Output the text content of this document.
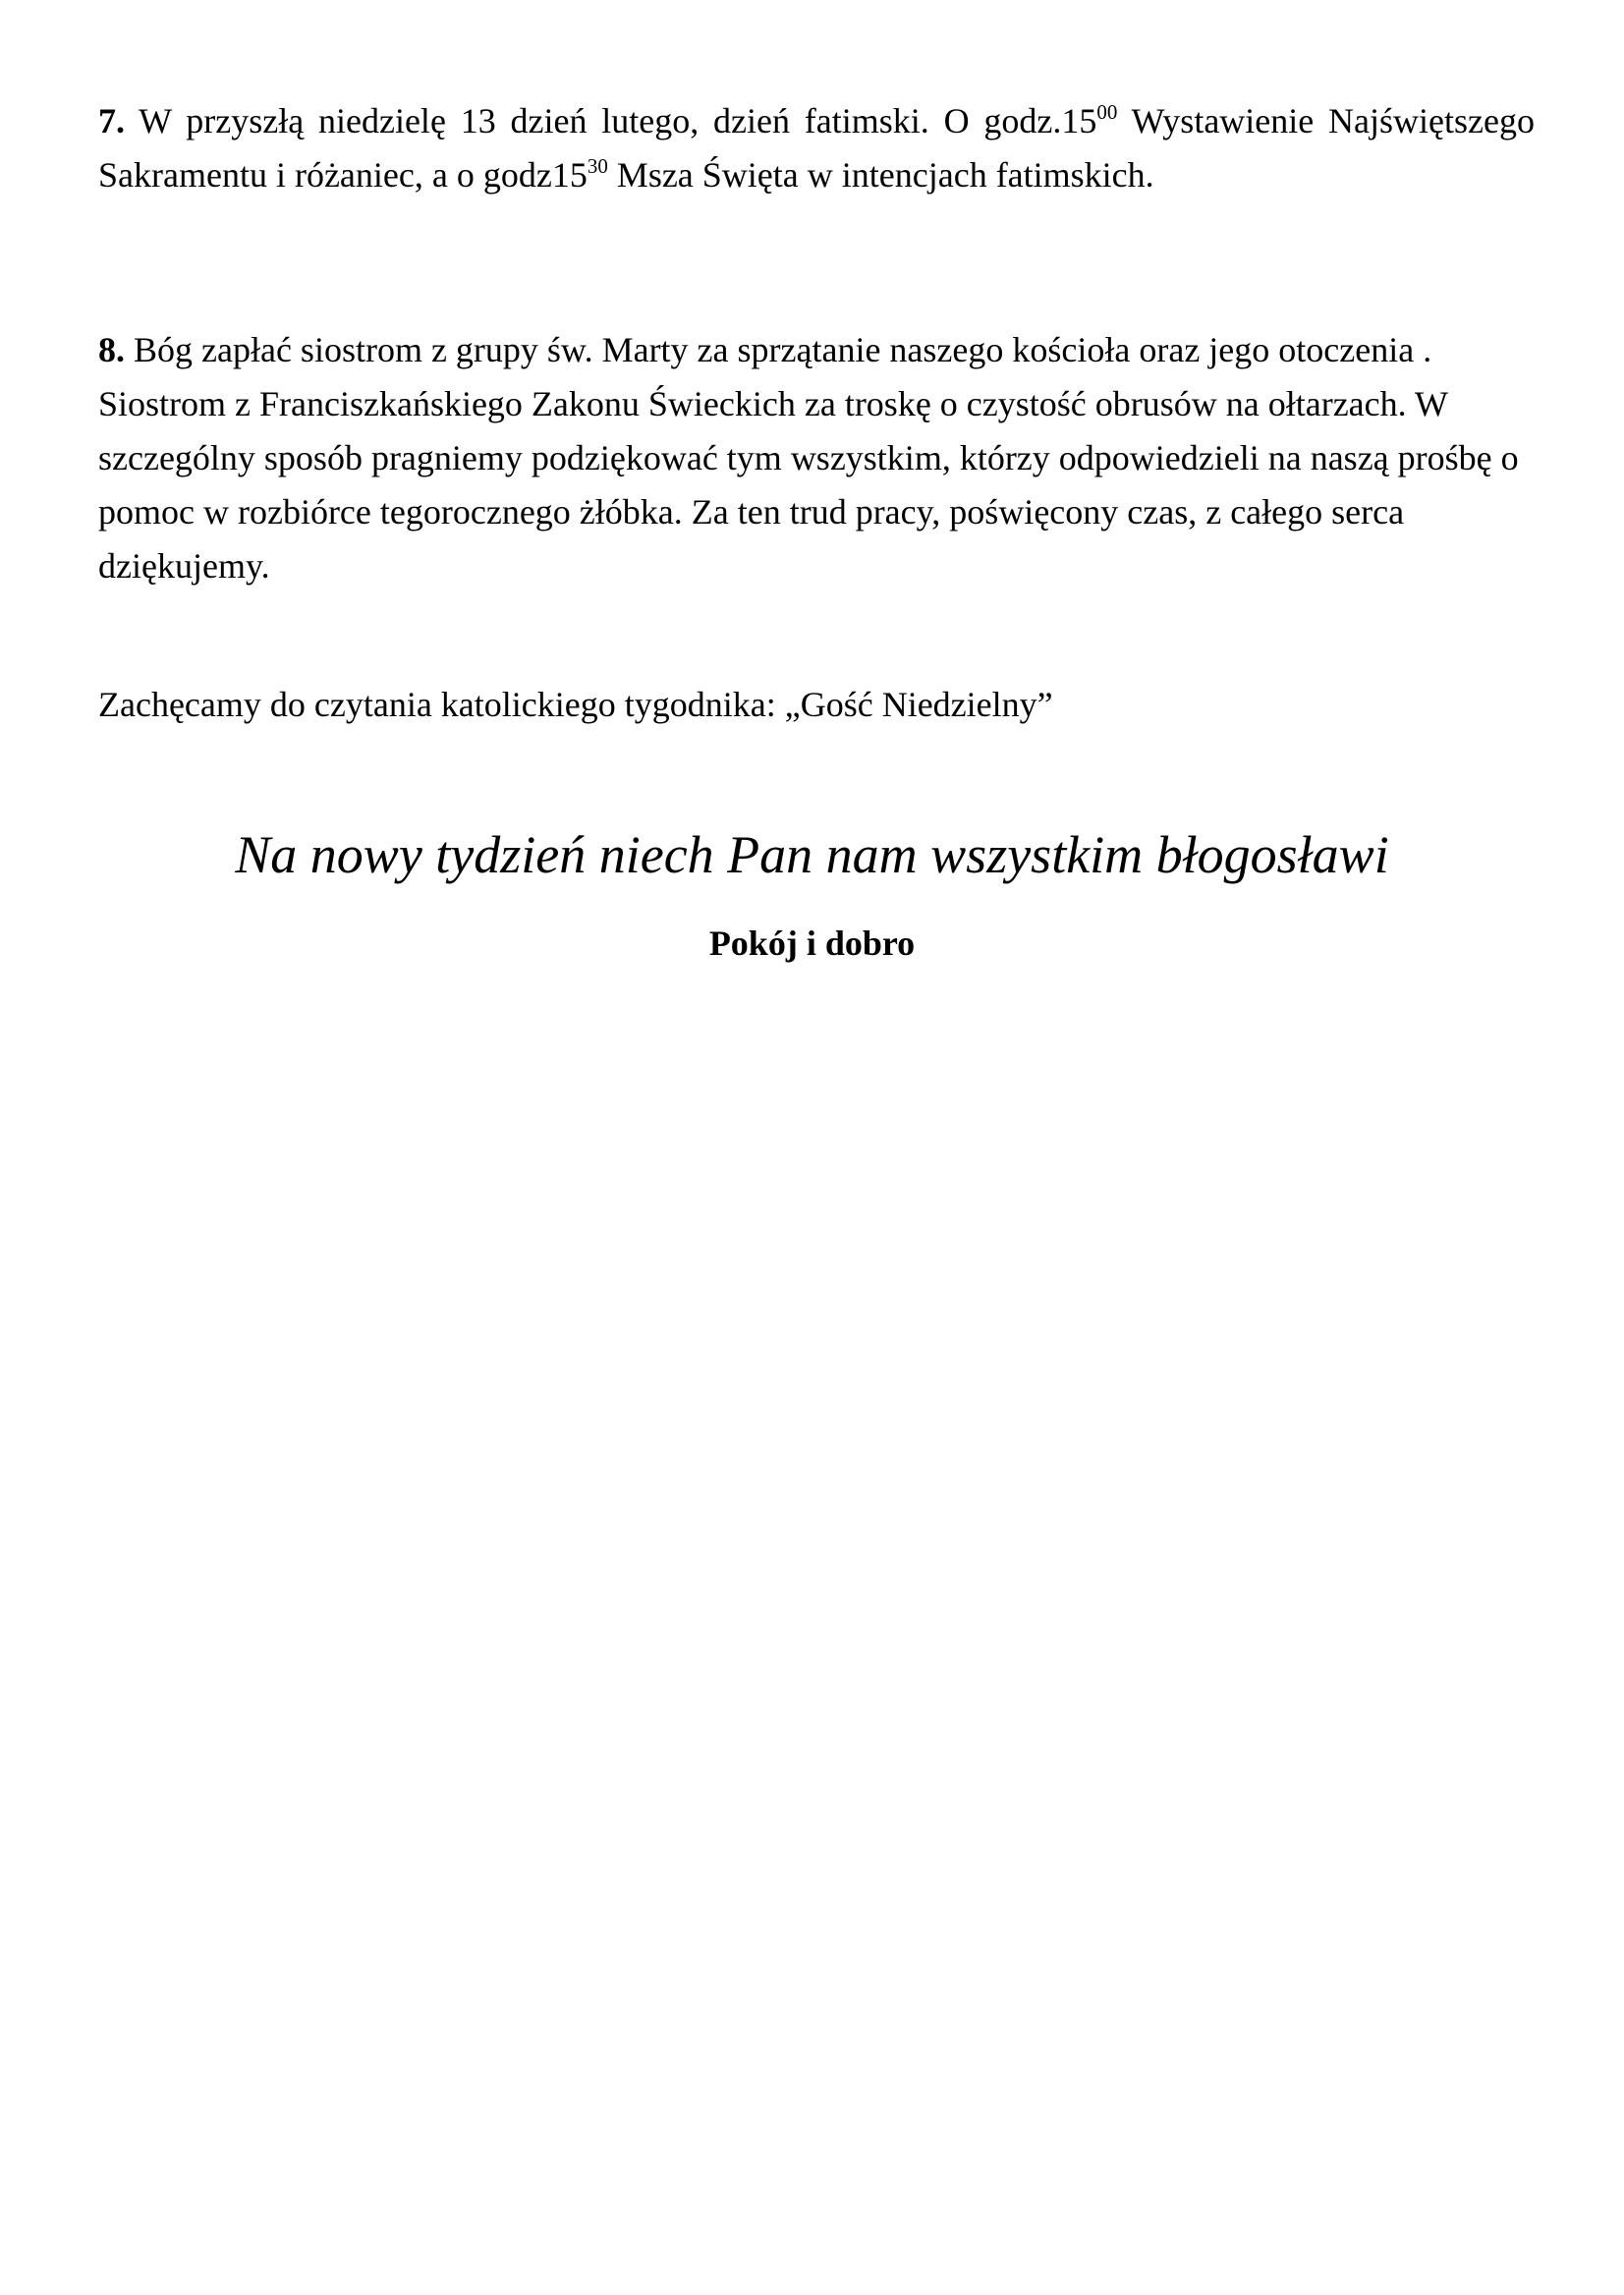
7. W przyszłą niedzielę 13 dzień lutego, dzień fatimski. O $godz.15^{00}$ Wystawienie Najświętszego Sakramentu i różaniec, a o $godz15^{30}$ Msza Święta w intencjach fatimskich.

8. Bóg zapłać siostrom z grupy św. Marty za sprzątanie naszego kościoła oraz jego otoczenia . Siostrom z Franciszkańskiego Zakonu Świeckich za troskę o czystość obrusów na ołtarzach. W szczególny sposób pragniemy podziękować tym wszystkim, którzy odpowiedzieli na naszą prośbę o pomoc w rozbiórce tegorocznego żłóbka. Za ten trud pracy, poświęcony czas, z całego serca dziękujemy.

Zachęcamy do czytania katolickiego tygodnika: „Gość Niedzielny”

Na nowy tydzień niech Pan nam wszystkim błogosławi

Pokój i dobro
